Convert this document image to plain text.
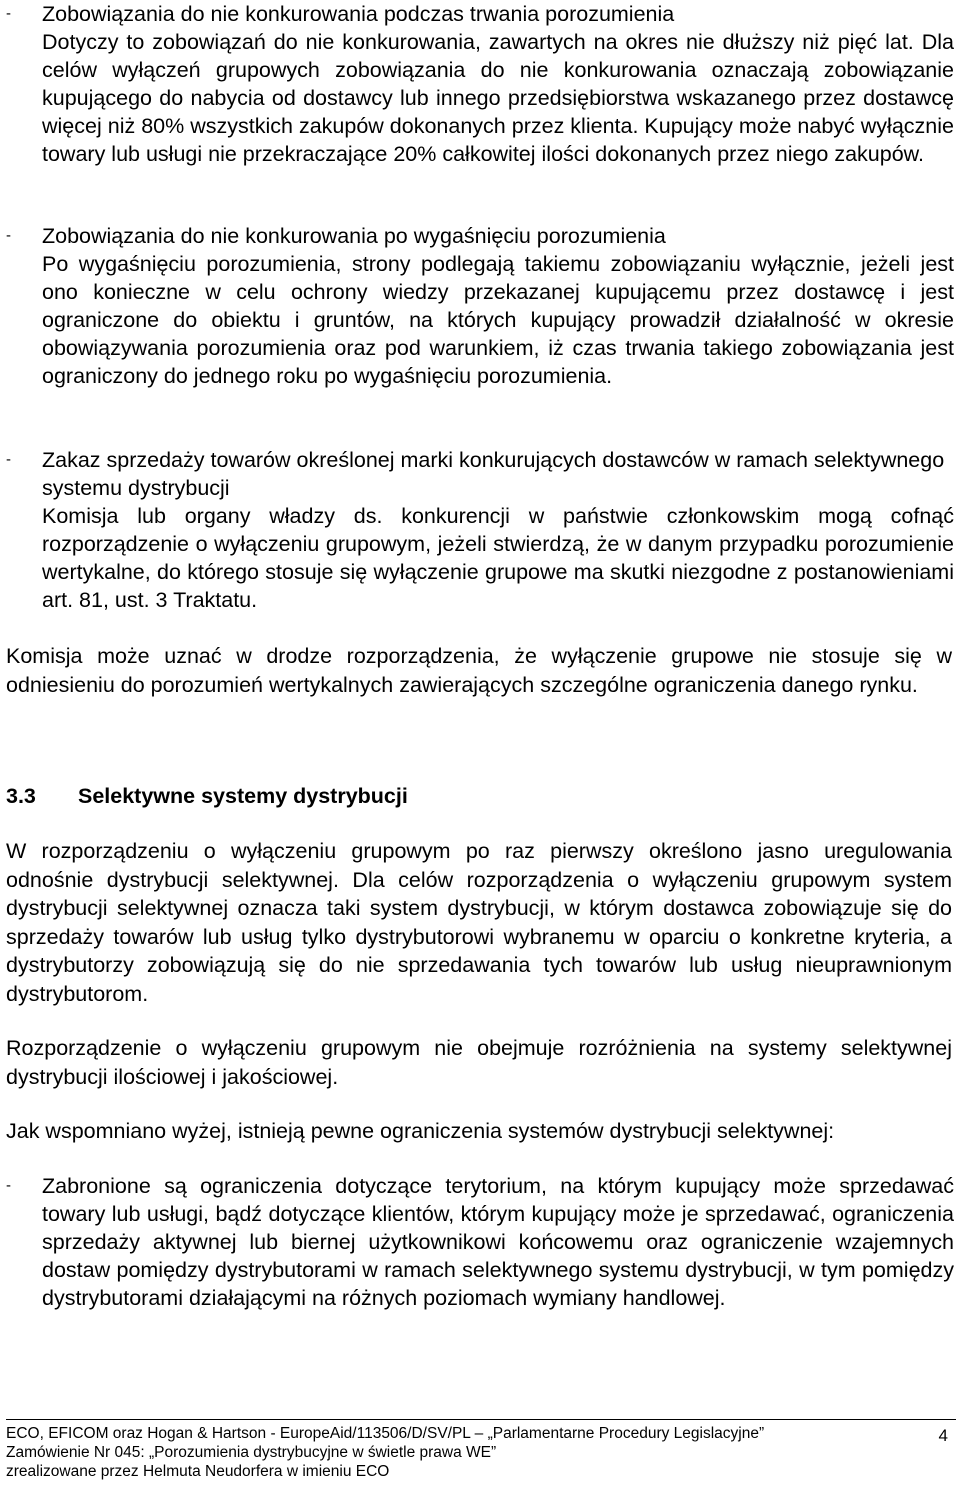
- Zobowiązania do nie konkurowania podczas trwania porozumienia
Dotyczy to zobowiązań do nie konkurowania, zawartych na okres nie dłuższy niż pięć lat. Dla celów wyłączeń grupowych zobowiązania do nie konkurowania oznaczają zobowiązanie kupującego do nabycia od dostawcy lub innego przedsiębiorstwa wskazanego przez dostawcę więcej niż 80% wszystkich zakupów dokonanych przez klienta. Kupujący może nabyć wyłącznie towary lub usługi nie przekraczające 20% całkowitej ilości dokonanych przez niego zakupów.
- Zobowiązania do nie konkurowania po wygaśnięciu porozumienia
Po wygaśnięciu porozumienia, strony podlegają takiemu zobowiązaniu wyłącznie, jeżeli jest ono konieczne w celu ochrony wiedzy przekazanej kupującemu przez dostawcę i jest ograniczone do obiektu i gruntów, na których kupujący prowadził działalność w okresie obowiązywania porozumienia oraz pod warunkiem, iż czas trwania takiego zobowiązania jest ograniczony do jednego roku po wygaśnięciu porozumienia.
- Zakaz sprzedaży towarów określonej marki konkurujących dostawców w ramach selektywnego systemu dystrybucji
Komisja lub organy władzy ds. konkurencji w państwie członkowskim mogą cofnąć rozporządzenie o wyłączeniu grupowym, jeżeli stwierdzą, że w danym przypadku porozumienie wertykalne, do którego stosuje się wyłączenie grupowe ma skutki niezgodne z postanowieniami art. 81, ust. 3 Traktatu.
Komisja może uznać w drodze rozporządzenia, że wyłączenie grupowe nie stosuje się w odniesieniu do porozumień wertykalnych zawierających szczególne ograniczenia danego rynku.
3.3 Selektywne systemy dystrybucji
W rozporządzeniu o wyłączeniu grupowym po raz pierwszy określono jasno uregulowania odnośnie dystrybucji selektywnej. Dla celów rozporządzenia o wyłączeniu grupowym system dystrybucji selektywnej oznacza taki system dystrybucji, w którym dostawca zobowiązuje się do sprzedaży towarów lub usług tylko dystrybutorowi wybranemu w oparciu o konkretne kryteria, a dystrybutorzy zobowiązują się do nie sprzedawania tych towarów lub usług nieuprawnionym dystrybutorom.
Rozporządzenie o wyłączeniu grupowym nie obejmuje rozróżnienia na systemy selektywnej dystrybucji ilościowej i jakościowej.
Jak wspomniano wyżej, istnieją pewne ograniczenia systemów dystrybucji selektywnej:
- Zabronione są ograniczenia dotyczące terytorium, na którym kupujący może sprzedawać towary lub usługi, bądź dotyczące klientów, którym kupujący może je sprzedawać, ograniczenia sprzedaży aktywnej lub biernej użytkownikowi końcowemu oraz ograniczenie wzajemnych dostaw pomiędzy dystrybutorami w ramach selektywnego systemu dystrybucji, w tym pomiędzy dystrybutorami działającymi na różnych poziomach wymiany handlowej.
ECO, EFICOM oraz Hogan & Hartson - EuropeAid/113506/D/SV/PL – „Parlamentarne Procedury Legislacyjne”
Zamówienie Nr 045: „Porozumienia dystrybucyjne w świetle prawa WE”
zrealizowane przez Helmuta Neudorfera w imieniu ECO
4
